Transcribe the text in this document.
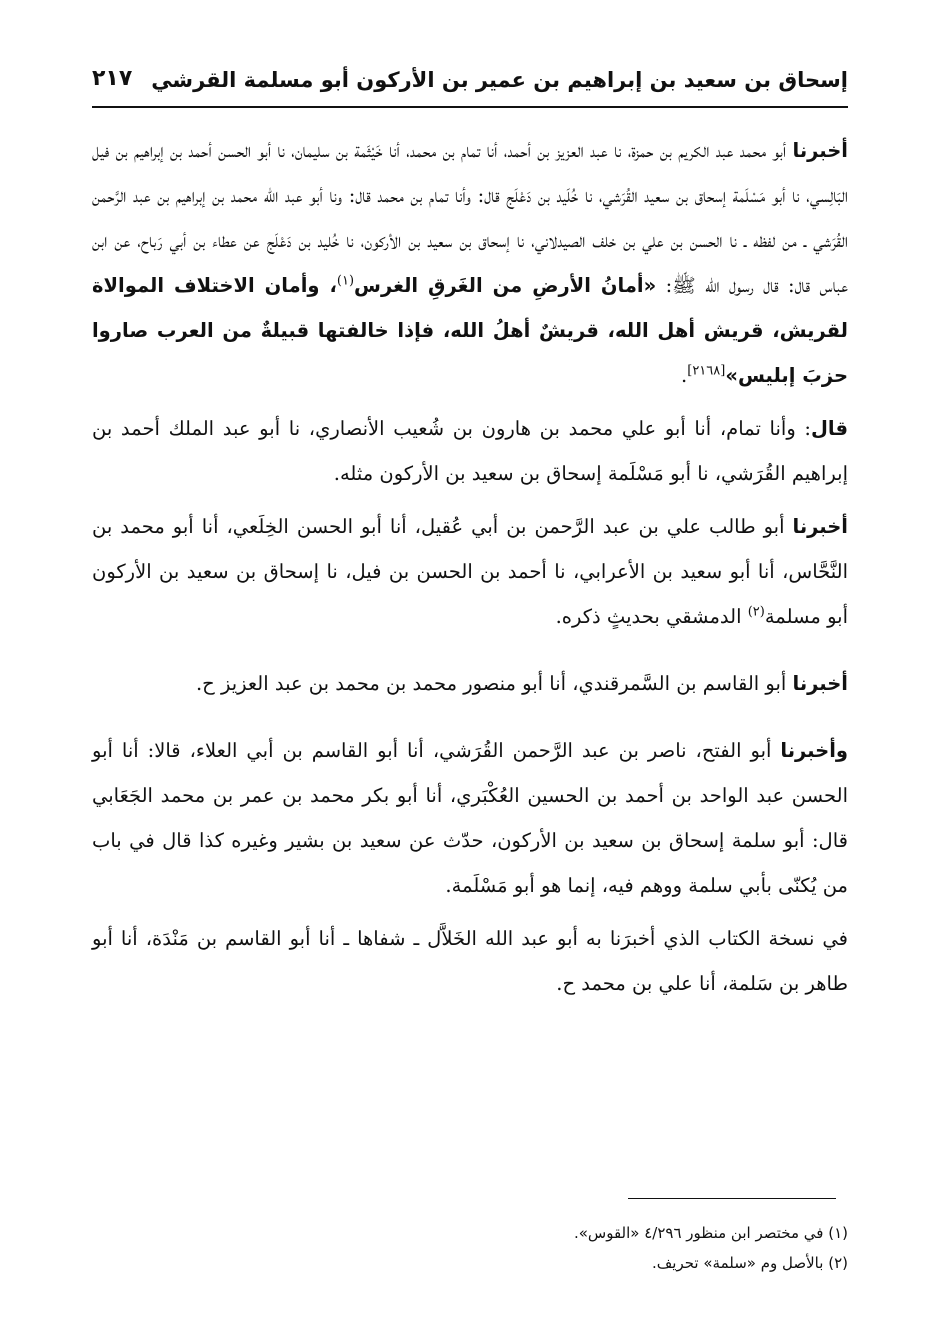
إسحاق بن سعيد بن إبراهيم بن عمير بن الأركون أبو مسلمة القرشي
٢١٧

أخبرنا أبو محمد عبد الكريم بن حمزة، نا عبد العزيز بن أحمد، أنا تمام بن محمد، أنا خَيْثَمة بن سليمان، نا أبو الحسن أحمد بن إبراهيم بن فيل البَالِسي، نا أبو مَسْلَمة إسحاق بن سعيد القُرَشي، نا خُلَيد بن دَعْلَج قال: وأنا تمام بن محمد قال: ونا أبو عبد الله محمد بن إبراهيم بن عبد الرَّحمن القُرَشي ـ من لفظه ـ نا الحسن بن علي بن خلف الصيدلاني، نا إسحاق بن سعيد بن الأركون، نا خُليد بن دَعْلَج عن عطاء بن أبي رَباح، عن ابن عباس قال: قال رسول الله ﷺ: «أمانُ الأرضِ من الغَرقِ الغرس$^{(١)}$، وأمان الاختلاف الموالاة لقريش، قريش أهل الله، قريشٌ أهلُ الله، فإذا خالفتها قبيلةٌ من العرب صاروا حزبَ إبليس»[٢١٦٨].

قال: وأنا تمام، أنا أبو علي محمد بن هارون بن شُعيب الأنصاري، نا أبو عبد الملك أحمد بن إبراهيم القُرَشي، نا أبو مَسْلَمة إسحاق بن سعيد بن الأركون مثله.

أخبرنا أبو طالب علي بن عبد الرَّحمن بن أبي عُقيل، أنا أبو الحسن الخِلَعي، أنا أبو محمد بن النَّحَّاس، أنا أبو سعيد بن الأعرابي، نا أحمد بن الحسن بن فيل، نا إسحاق بن سعيد بن الأركون أبو مسلمة$^{(٢)}$ الدمشقي بحديثٍ ذكره.

أخبرنا أبو القاسم بن السَّمرقندي، أنا أبو منصور محمد بن محمد بن عبد العزيز ح.

وأخبرنا أبو الفتح، ناصر بن عبد الرَّحمن القُرَشي، أنا أبو القاسم بن أبي العلاء، قالا: أنا أبو الحسن عبد الواحد بن أحمد بن الحسين العُكْبَري، أنا أبو بكر محمد بن عمر بن محمد الجَعَابي قال: أبو سلمة إسحاق بن سعيد بن الأركون، حدّث عن سعيد بن بشير وغيره كذا قال في باب من يُكنّى بأبي سلمة ووهم فيه، إنما هو أبو مَسْلَمة.

في نسخة الكتاب الذي أخبرَنا به أبو عبد الله الخَلاَّل ـ شفاها ـ أنا أبو القاسم بن مَنْدَة، أنا أبو طاهر بن سَلمة، أنا علي بن محمد ح.

(١) في مختصر ابن منظور ٤/٢٩٦ «القوس».

(٢) بالأصل وم «سلمة» تحريف.
